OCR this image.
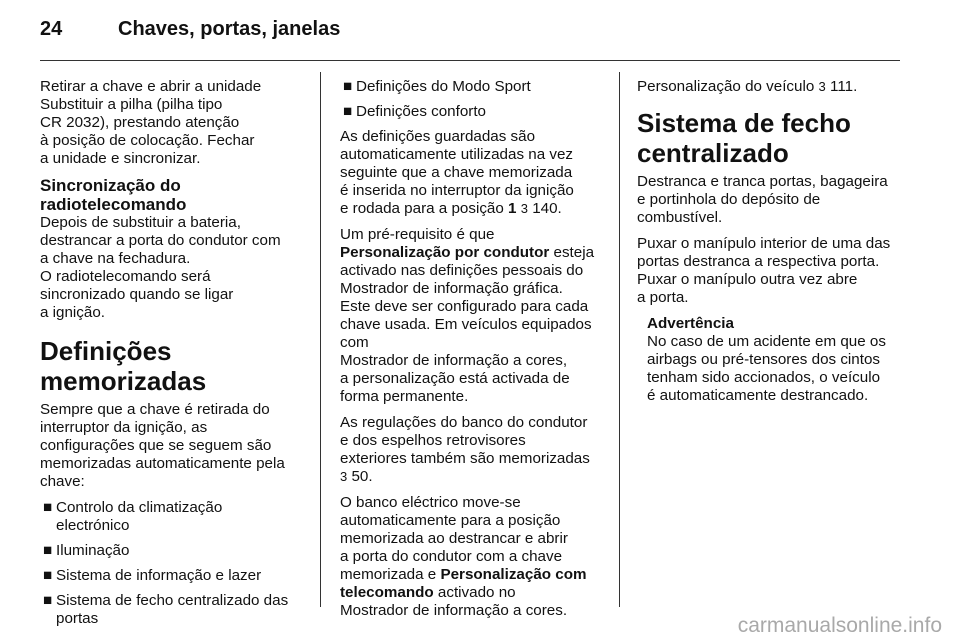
24	Chaves, portas, janelas

Retirar a chave e abrir a unidade
Substituir a pilha (pilha tipo
CR 2032), prestando atenção
à posição de colocação. Fechar
a unidade e sincronizar.

Sincronização do
radiotelecomando

Depois de substituir a bateria,
destrancar a porta do condutor com
a chave na fechadura.
O radiotelecomando será
sincronizado quando se ligar
a ignição.

Definições memorizadas

Sempre que a chave é retirada do
interruptor da ignição, as
configurações que se seguem são
memorizadas automaticamente pela
chave:

■ Controlo da climatização
electrónico
■ Iluminação
■ Sistema de informação e lazer
■ Sistema de fecho centralizado das
portas
■ Definições do Modo Sport
■ Definições conforto

As definições guardadas são
automaticamente utilizadas na vez
seguinte que a chave memorizada
é inserida no interruptor da ignição
e rodada para a posição 1 3 140.

Um pré-requisito é que
Personalização por condutor esteja
activado nas definições pessoais do
Mostrador de informação gráfica.
Este deve ser configurado para cada
chave usada. Em veículos equipados
com
Mostrador de informação a cores,
a personalização está activada de
forma permanente.

As regulações do banco do condutor
e dos espelhos retrovisores
exteriores também são memorizadas
3 50.

O banco eléctrico move-se
automaticamente para a posição
memorizada ao destrancar e abrir
a porta do condutor com a chave
memorizada e Personalização com
telecomando activado no
Mostrador de informação a cores.

Personalização do veículo 3 111.

Sistema de fecho
centralizado

Destranca e tranca portas, bagageira
e portinhola do depósito de
combustível.

Puxar o manípulo interior de uma das
portas destranca a respectiva porta.
Puxar o manípulo outra vez abre
a porta.

Advertência

No caso de um acidente em que os
airbags ou pré-tensores dos cintos
tenham sido accionados, o veículo
é automaticamente destrancado.

carmanualsonline.info
